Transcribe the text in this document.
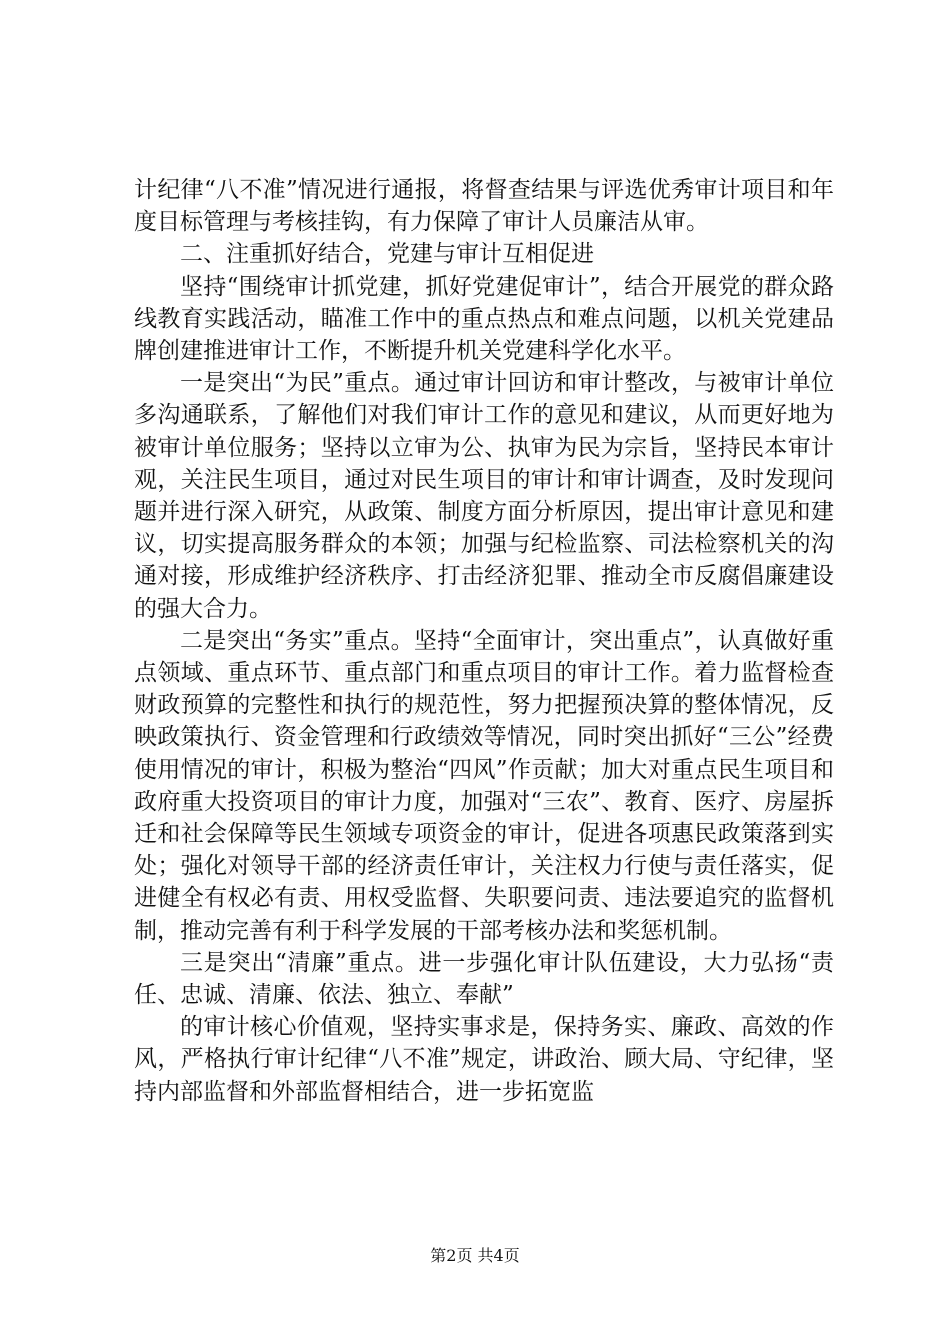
计纪律“八不准”情况进行通报，将督查结果与评选优秀审计项目和年度目标管理与考核挂钩，有力保障了审计人员廉洁从审。

二、注重抓好结合，党建与审计互相促进

坚持“围绕审计抓党建，抓好党建促审计”，结合开展党的群众路线教育实践活动，瞄准工作中的重点热点和难点问题，以机关党建品牌创建推进审计工作，不断提升机关党建科学化水平。

一是突出“为民”重点。通过审计回访和审计整改，与被审计单位多沟通联系，了解他们对我们审计工作的意见和建议，从而更好地为被审计单位服务；坚持以立审为公、执审为民为宗旨，坚持民本审计观，关注民生项目，通过对民生项目的审计和审计调查，及时发现问题并进行深入研究，从政策、制度方面分析原因，提出审计意见和建议，切实提高服务群众的本领；加强与纪检监察、司法检察机关的沟通对接，形成维护经济秩序、打击经济犯罪、推动全市反腐倡廉建设的强大合力。

二是突出“务实”重点。坚持“全面审计，突出重点”，认真做好重点领域、重点环节、重点部门和重点项目的审计工作。着力监督检查财政预算的完整性和执行的规范性，努力把握预决算的整体情况，反映政策执行、资金管理和行政绩效等情况，同时突出抓好“三公”经费使用情况的审计，积极为整治“四风”作贡献；加大对重点民生项目和政府重大投资项目的审计力度，加强对“三农”、教育、医疗、房屋拆迁和社会保障等民生领域专项资金的审计，促进各项惠民政策落到实处；强化对领导干部的经济责任审计，关注权力行使与责任落实，促进健全有权必有责、用权受监督、失职要问责、违法要追究的监督机制，推动完善有利于科学发展的干部考核办法和奖惩机制。

三是突出“清廉”重点。进一步强化审计队伍建设，大力弘扬“责任、忠诚、清廉、依法、独立、奉献”

的审计核心价值观，坚持实事求是，保持务实、廉政、高效的作风，严格执行审计纪律“八不准”规定，讲政治、顾大局、守纪律，坚持内部监督和外部监督相结合，进一步拓宽监

第2页 共4页
